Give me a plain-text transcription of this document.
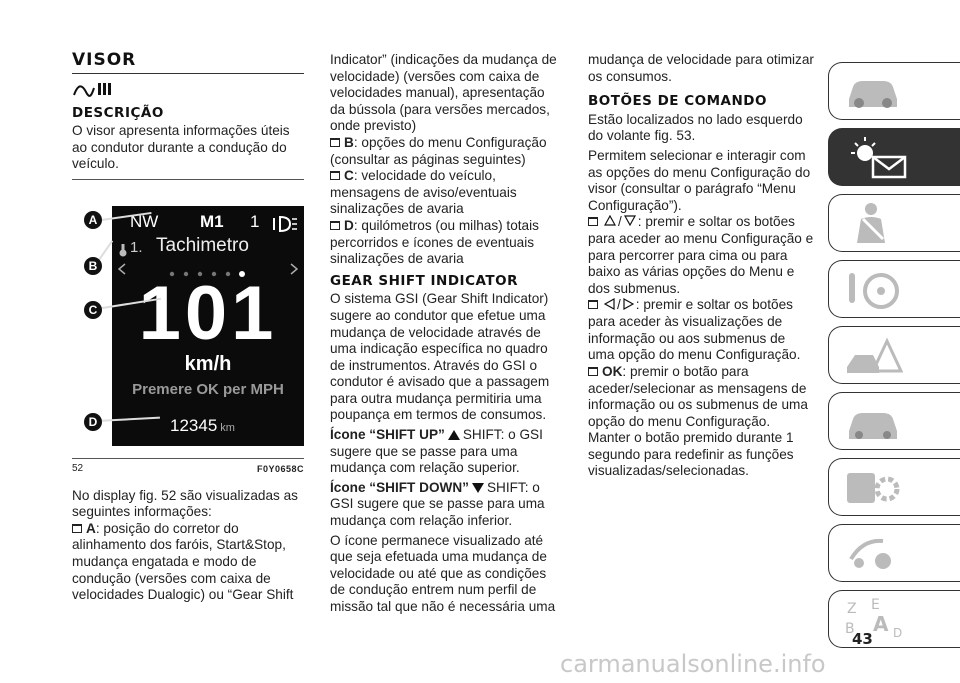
VISOR
DESCRIÇÃO

O visor apresenta informações úteis ao condutor durante a condução do veículo.

NW M1 1
1. Tachimetro
101
km/h
Premere OK per MPH
12345 km
A
B
C
D
52	F0Y0658C

No display fig. 52 são visualizadas as seguintes informações:

A: posição do corretor do alinhamento dos faróis, Start&Stop, mudança engatada e modo de condução (versões com caixa de velocidades Dualogic) ou “Gear Shift

Indicator” (indicações da mudança de velocidade) (versões com caixa de velocidades manual), apresentação da bússola (para versões mercados, onde previsto)

B: opções do menu Configuração (consultar as páginas seguintes)

C: velocidade do veículo, mensagens de aviso/eventuais sinalizações de avaria

D: quilómetros (ou milhas) totais percorridos e ícones de eventuais sinalizações de avaria

GEAR SHIFT INDICATOR

O sistema GSI (Gear Shift Indicator) sugere ao condutor que efetue uma mudança de velocidade através de uma indicação específica no quadro de instrumentos. Através do GSI o condutor é avisado que a passagem para outra mudança permitiria uma poupança em termos de consumos.

Ícone “SHIFT UP” SHIFT: o GSI sugere que se passe para uma mudança com relação superior.

Ícone “SHIFT DOWN” SHIFT: o GSI sugere que se passe para uma mudança com relação inferior.

O ícone permanece visualizado até que seja efetuada uma mudança de velocidade ou até que as condições de condução entrem num perfil de missão tal que não é necessária uma

mudança de velocidade para otimizar os consumos.

BOTÕES DE COMANDO

Estão localizados no lado esquerdo do volante fig. 53.

Permitem selecionar e interagir com as opções do menu Configuração do visor (consultar o parágrafo “Menu Configuração”).

/ : premir e soltar os botões para aceder ao menu Configuração e para percorrer para cima ou para baixo as várias opções do Menu e dos submenus.

/ : premir e soltar os botões para aceder às visualizações de informação ou aos submenus de uma opção do menu Configuração.

OK: premir o botão para aceder/selecionar as mensagens de informação ou os submenus de uma opção do menu Configuração. Manter o botão premido durante 1 segundo para redefinir as funções visualizadas/selecionadas.

Z E
B A D
43
carmanualsonline.info
